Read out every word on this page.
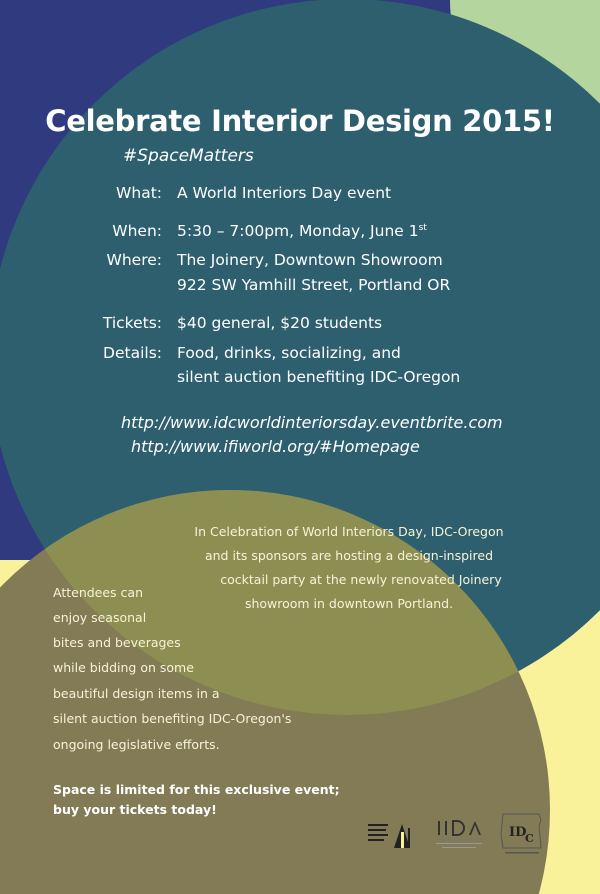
Celebrate Interior Design 2015!
#SpaceMatters
What: A World Interiors Day event
When: 5:30 – 7:00pm, Monday, June 1st
Where: The Joinery, Downtown Showroom
922 SW Yamhill Street, Portland OR
Tickets: $40 general, $20 students
Details: Food, drinks, socializing, and
silent auction benefiting IDC-Oregon
http://www.idcworldinteriorsday.eventbrite.com
http://www.ifiworld.org/#Homepage
In Celebration of World Interiors Day, IDC-Oregon
and its sponsors are hosting a design-inspired
cocktail party at the newly renovated Joinery
showroom in downtown Portland.
Attendees can
enjoy seasonal
bites and beverages
while bidding on some
beautiful design items in a
silent auction benefiting IDC-Oregon's
ongoing legislative efforts.
Space is limited for this exclusive event;
buy your tickets today!
ID
C
